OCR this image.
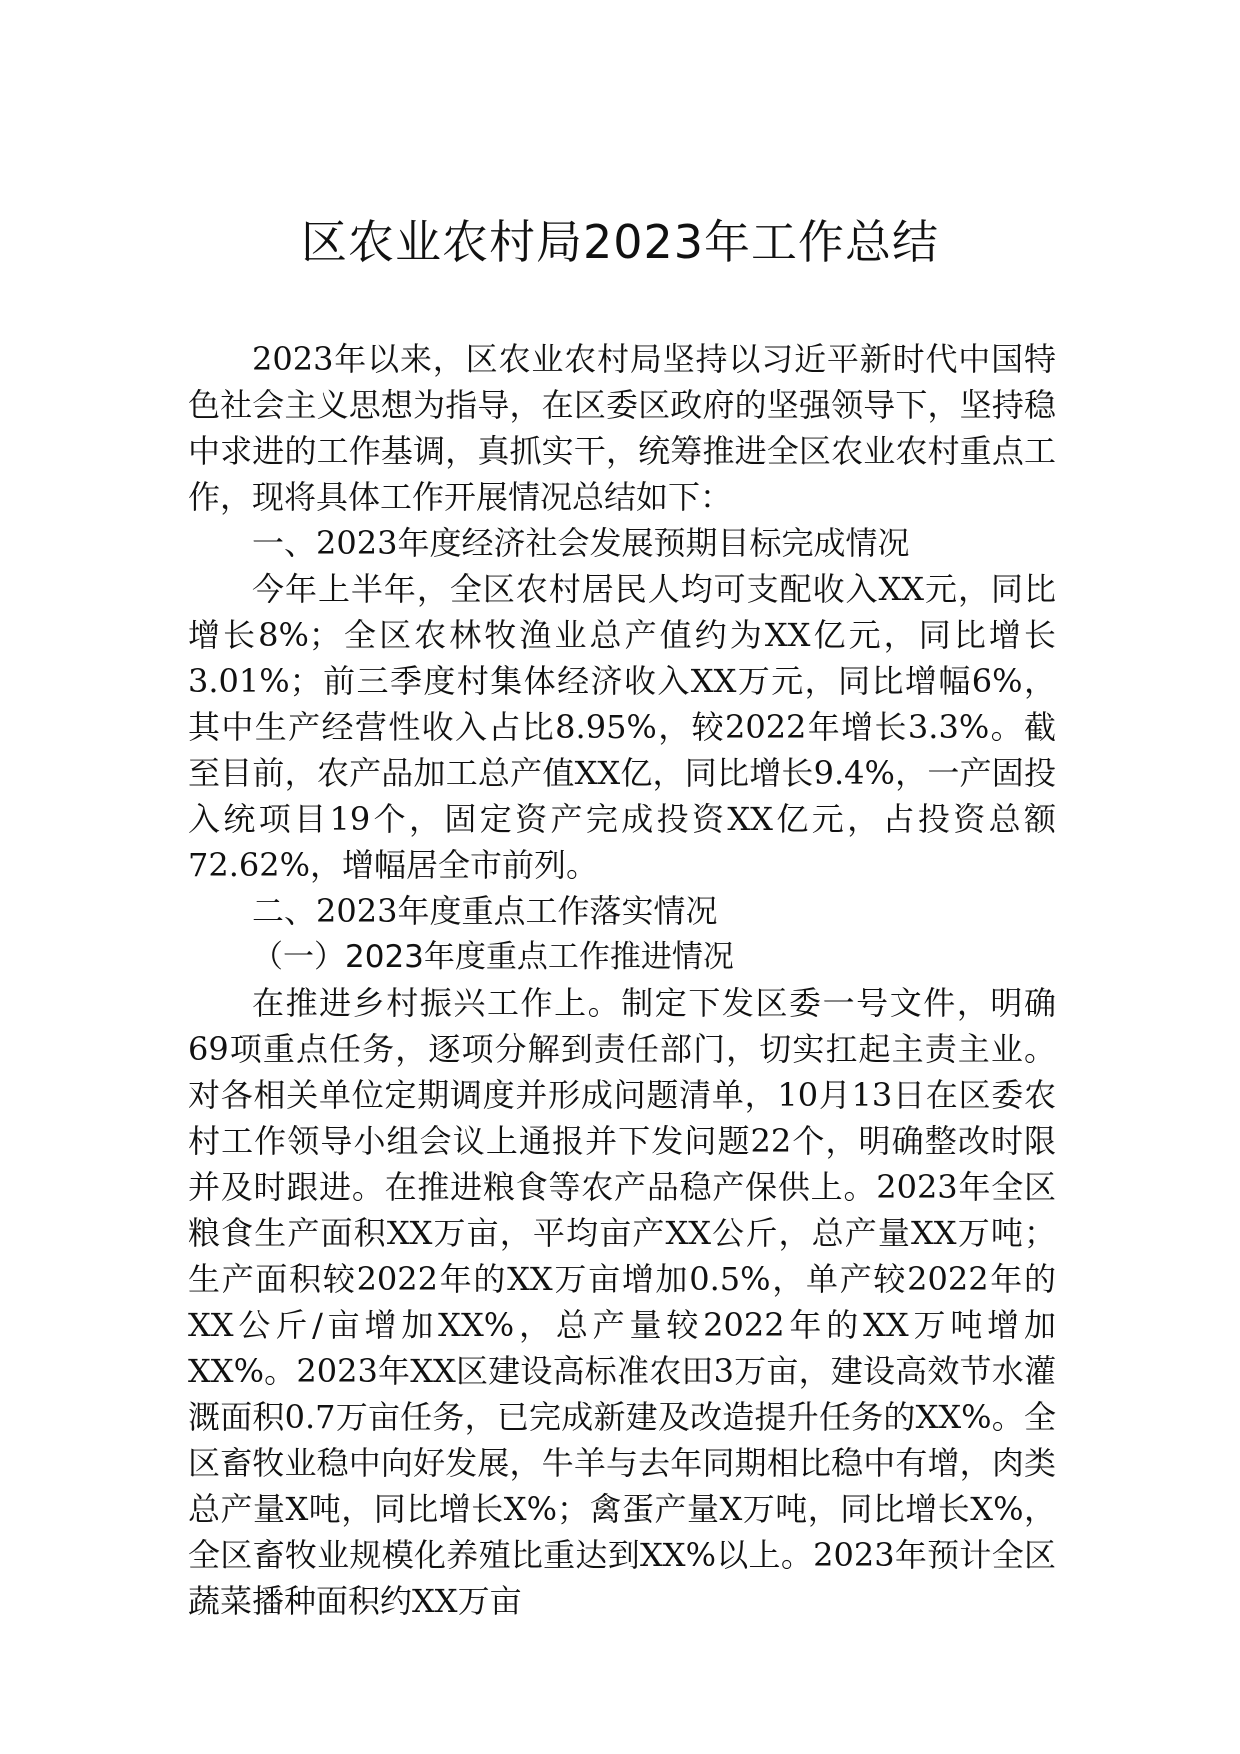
区农业农村局2023年工作总结

2023年以来，区农业农村局坚持以习近平新时代中国特色社会主义思想为指导，在区委区政府的坚强领导下，坚持稳中求进的工作基调，真抓实干，统筹推进全区农业农村重点工作，现将具体工作开展情况总结如下：

一、2023年度经济社会发展预期目标完成情况

今年上半年，全区农村居民人均可支配收入XX元，同比增长8%；全区农林牧渔业总产值约为XX亿元，同比增长3.01%；前三季度村集体经济收入XX万元，同比增幅6%，其中生产经营性收入占比8.95%，较2022年增长3.3%。截至目前，农产品加工总产值XX亿，同比增长9.4%，一产固投入统项目19个，固定资产完成投资XX亿元，占投资总额72.62%，增幅居全市前列。

二、2023年度重点工作落实情况

（一）2023年度重点工作推进情况

在推进乡村振兴工作上。制定下发区委一号文件，明确69项重点任务，逐项分解到责任部门，切实扛起主责主业。对各相关单位定期调度并形成问题清单，10月13日在区委农村工作领导小组会议上通报并下发问题22个，明确整改时限并及时跟进。在推进粮食等农产品稳产保供上。2023年全区粮食生产面积XX万亩，平均亩产XX公斤，总产量XX万吨；生产面积较2022年的XX万亩增加0.5%，单产较2022年的XX公斤/亩增加XX%，总产量较2022年的XX万吨增加XX%。2023年XX区建设高标准农田3万亩，建设高效节水灌溉面积0.7万亩任务，已完成新建及改造提升任务的XX%。全区畜牧业稳中向好发展，牛羊与去年同期相比稳中有增，肉类总产量X吨，同比增长X%；禽蛋产量X万吨，同比增长X%，全区畜牧业规模化养殖比重达到XX%以上。2023年预计全区蔬菜播种面积约XX万亩
